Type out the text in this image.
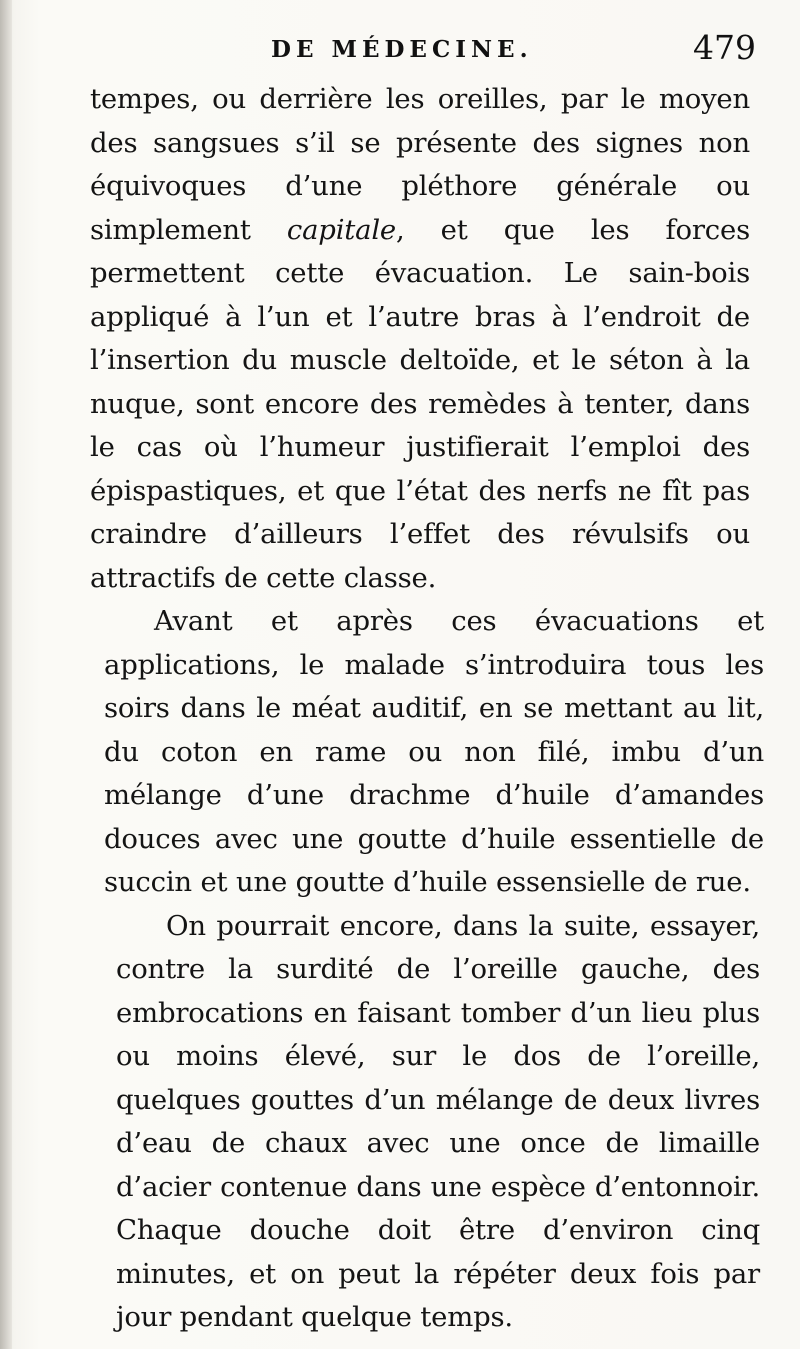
DE MÉDECINE.	479

tempes, ou derrière les oreilles, par le moyen des sangsues s’il se présente des signes non équivoques d’une pléthore générale ou simplement capitale, et que les forces permettent cette évacuation. Le sain-bois appliqué à l’un et l’autre bras à l’endroit de l’insertion du muscle deltoïde, et le séton à la nuque, sont encore des remèdes à tenter, dans le cas où l’humeur justifierait l’emploi des épispastiques, et que l’état des nerfs ne fît pas craindre d’ailleurs l’effet des révulsifs ou attractifs de cette classe.

Avant et après ces évacuations et applications, le malade s’introduira tous les soirs dans le méat auditif, en se mettant au lit, du coton en rame ou non filé, imbu d’un mélange d’une drachme d’huile d’amandes douces avec une goutte d’huile essentielle de succin et une goutte d’huile essensielle de rue.

On pourrait encore, dans la suite, essayer, contre la surdité de l’oreille gauche, des embrocations en faisant tomber d’un lieu plus ou moins élevé, sur le dos de l’oreille, quelques gouttes d’un mélange de deux livres d’eau de chaux avec une once de limaille d’acier contenue dans une espèce d’entonnoir. Chaque douche doit être d’environ cinq minutes, et on peut la répéter deux fois par jour pendant quelque temps.
